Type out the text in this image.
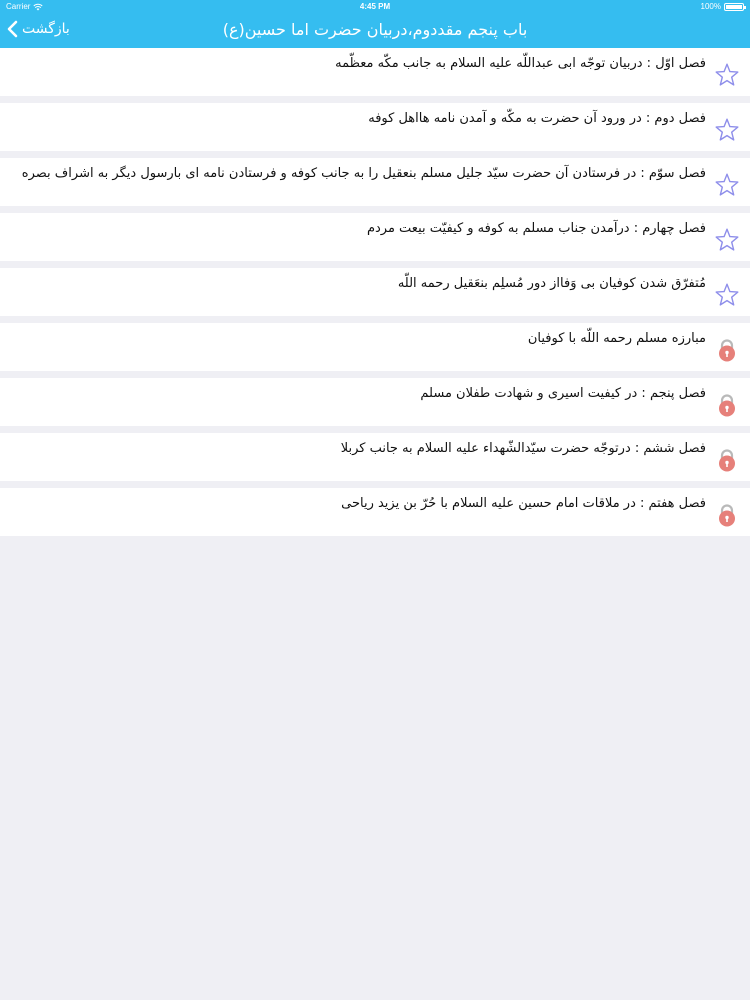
Carrier	4:45 PM	100%
بازگشت	باب پنجم مقددوم،دربیان حضرت اما حسین(ع)
فصل اوّل : دربیان توجّه ابی عبداللّه علیه السلام به جانب مکّه معظّمه
فصل دوم : در ورود آن حضرت به مکّه و آمدن نامه هااهل کوفه
فصل سوّم : در فرستادن آن حضرت سیّد جلیل مسلم بنعقیل را به جانب کوفه و فرستادن نامه ای بارسول دیگر به اشراف بصره
فصل چهارم : درآمدن جناب مسلم به کوفه و کیفیّت بیعت مردم
مُتفرّق شدن کوفیان بی وَفااز دور مُسلِم بنعَقیل رحمه اللّه
مبارزه مسلم رحمه اللّه با کوفیان
فصل پنجم : در کیفیت اسیری و شهادت طفلان مسلم
فصل ششم : درتوجّه حضرت سیّدالشّهداء علیه السلام به جانب کربلا
فصل هفتم : در ملاقات امام حسین علیه السلام با حُرّ بن یزید ریاحی
